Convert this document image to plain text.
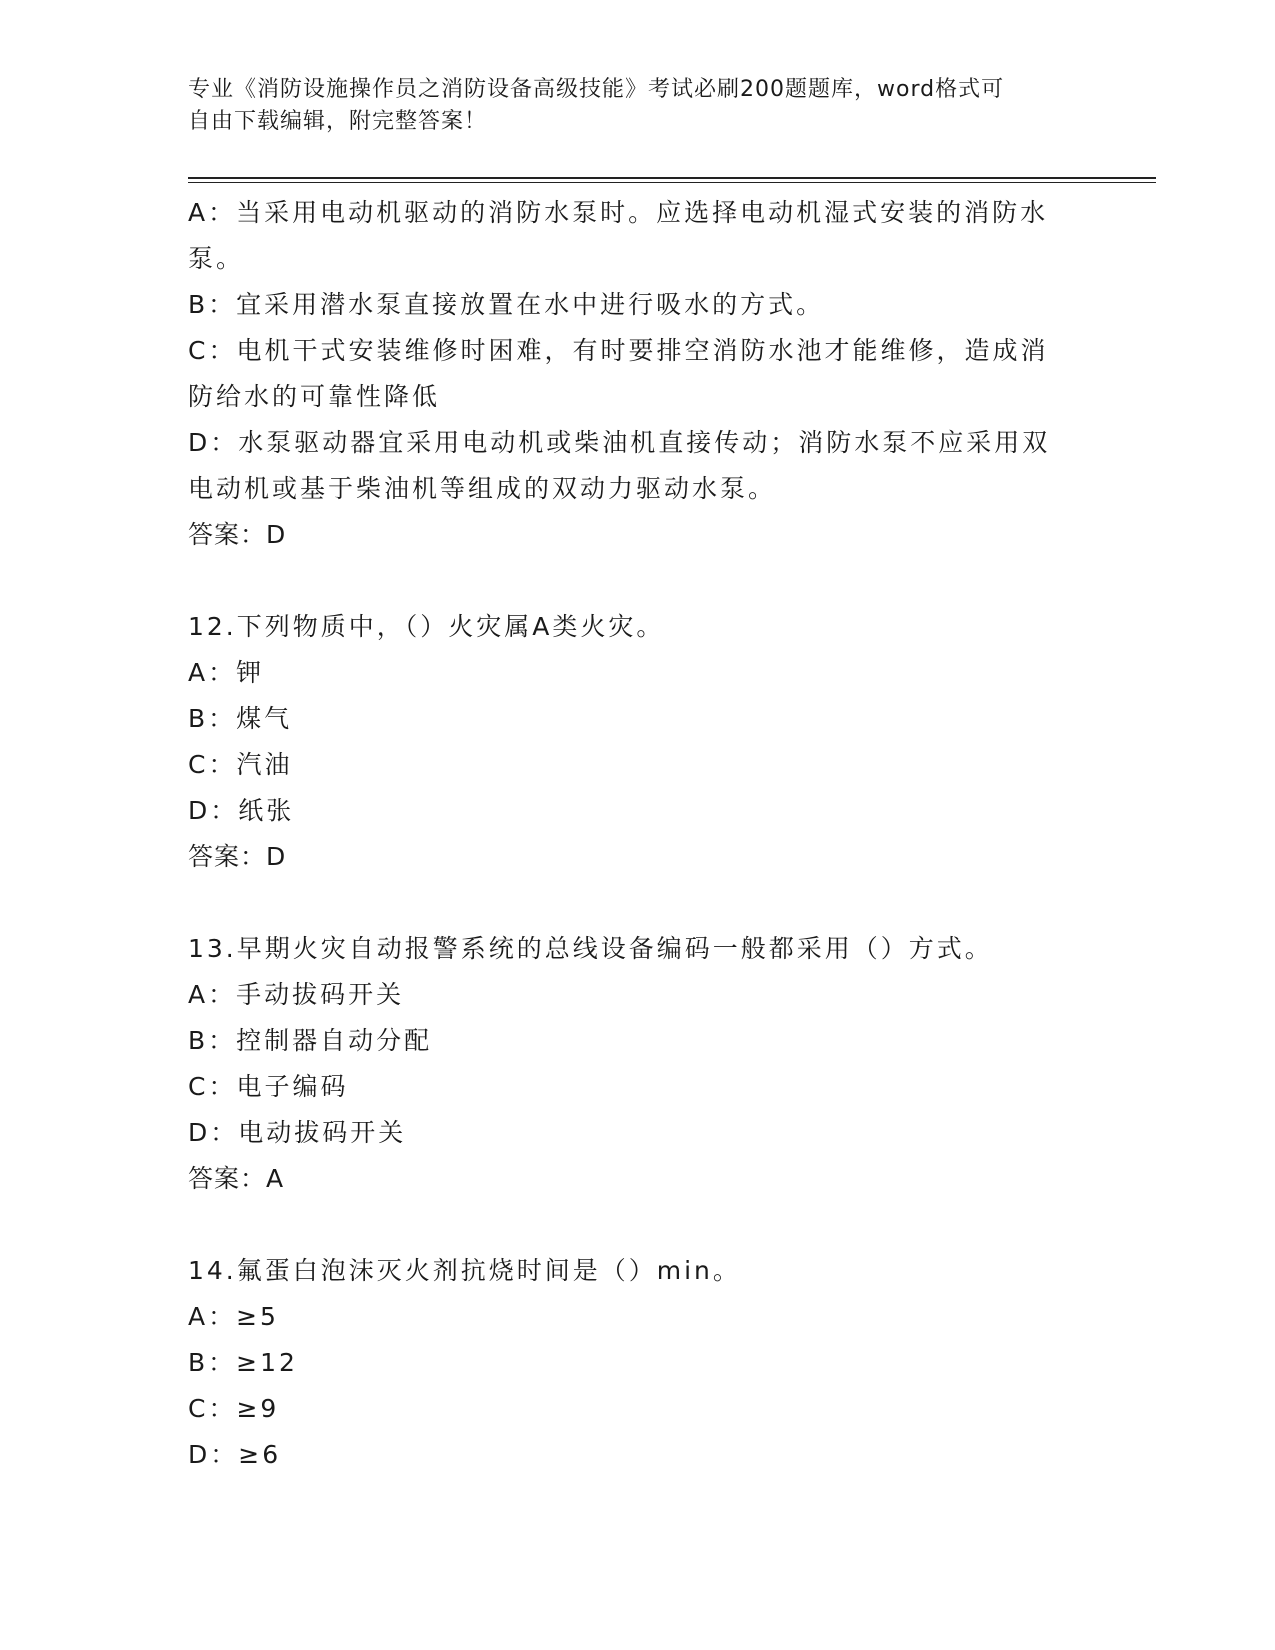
专业《消防设施操作员之消防设备高级技能》考试必刷200题题库，word格式可
自由下载编辑，附完整答案！
A：当采用电动机驱动的消防水泵时。应选择电动机湿式安装的消防水
泵。
B：宜采用潜水泵直接放置在水中进行吸水的方式。
C：电机干式安装维修时困难，有时要排空消防水池才能维修，造成消
防给水的可靠性降低
D：水泵驱动器宜采用电动机或柴油机直接传动；消防水泵不应采用双
电动机或基于柴油机等组成的双动力驱动水泵。
答案：D
12.下列物质中，（）火灾属A类火灾。
A：钾
B：煤气
C：汽油
D：纸张
答案：D
13.早期火灾自动报警系统的总线设备编码一般都采用（）方式。
A：手动拔码开关
B：控制器自动分配
C：电子编码
D：电动拔码开关
答案：A
14.氟蛋白泡沫灭火剂抗烧时间是（）min。
A：≥5
B：≥12
C：≥9
D：≥6
